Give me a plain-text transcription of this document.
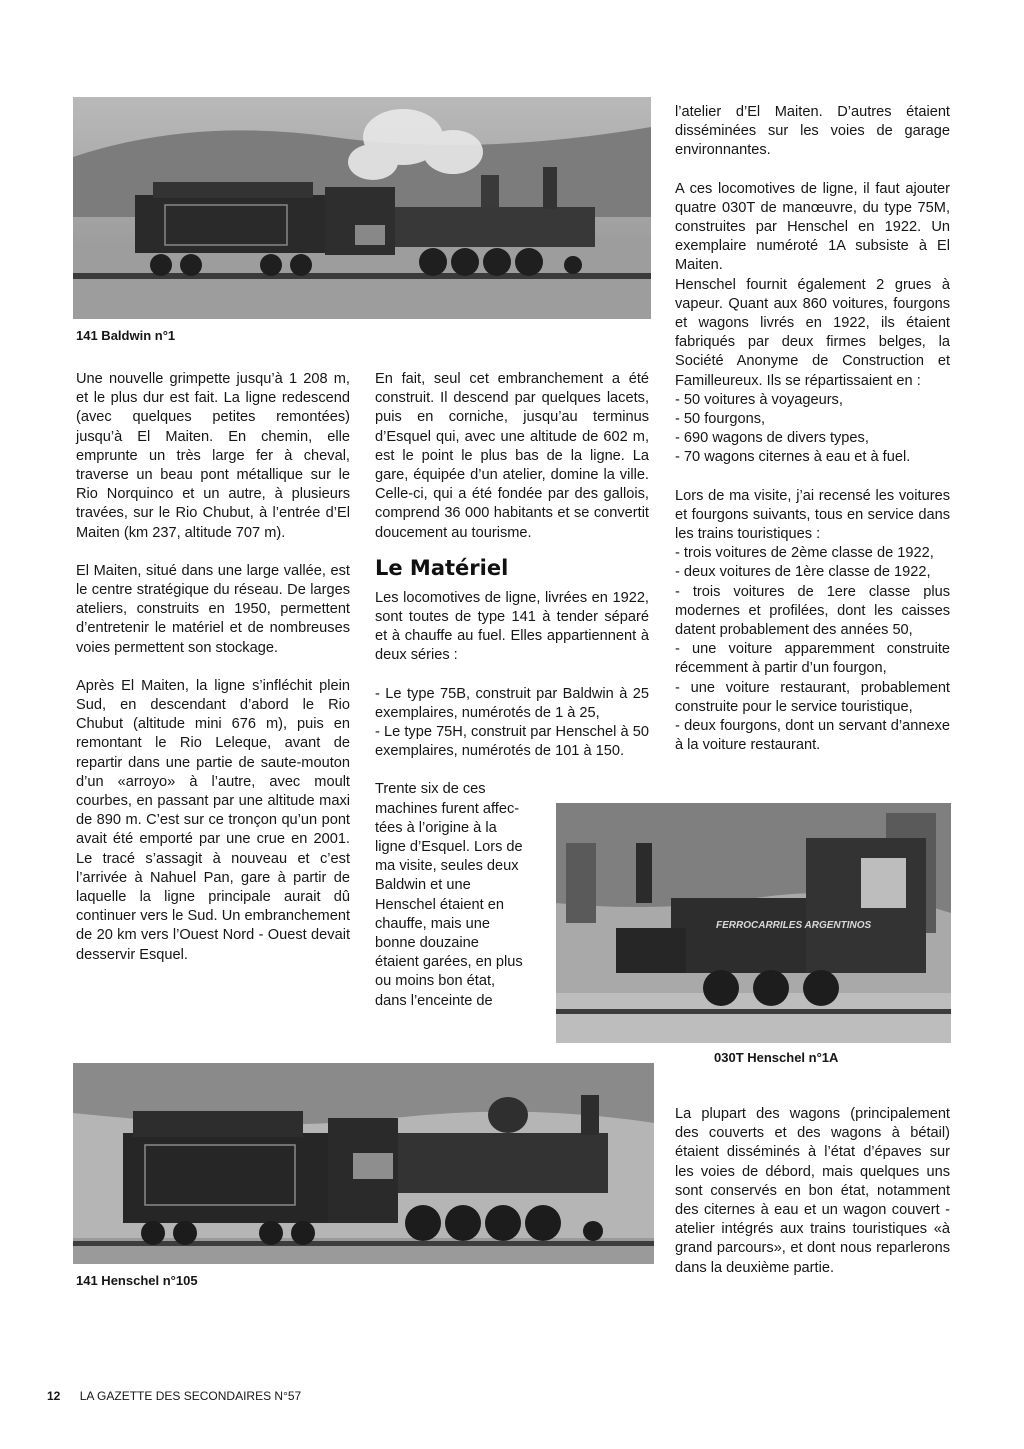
141 Baldwin n°1
FERROCARRILES ARGENTINOS
030T Henschel n°1A
141 Henschel n°105

Une nouvelle grimpette jusqu’à 1 208 m, et le plus dur est fait. La ligne redescend (avec quelques petites remontées) jusqu’à El Maiten. En chemin, elle emprunte un très large fer à cheval, traverse un beau pont métallique sur le Rio Norquinco et un autre, à plusieurs travées, sur le Rio Chubut, à l’entrée d’El Maiten (km 237, altitude 707 m).

El Maiten, situé dans une large vallée, est le centre stratégique du réseau. De larges ateliers, construits en 1950, permettent d’entretenir le matériel et de nombreuses voies permettent son stockage.

Après El Maiten, la ligne s’infléchit plein Sud, en descendant d’abord le Rio Chubut (altitude mini 676 m), puis en remontant le Rio Leleque, avant de repartir dans une partie de saute-mouton d’un «arroyo» à l’autre, avec moult courbes, en passant par une altitude maxi de 890 m. C’est sur ce tronçon qu’un pont avait été emporté par une crue en 2001. Le tracé s’assagit à nouveau et c’est l’arrivée à Nahuel Pan, gare à partir de laquelle la ligne principale aurait dû continuer vers le Sud. Un embranchement de 20 km vers l’Ouest Nord - Ouest devait desservir Esquel.

En fait, seul cet embranchement a été construit. Il descend par quelques lacets, puis en corniche, jusqu’au terminus d’Esquel qui, avec une altitude de 602 m, est le point le plus bas de la ligne. La gare, équipée d’un atelier, domine la ville. Celle-ci, qui a été fondée par des gallois, comprend 36 000 habitants et se convertit doucement au tourisme.

Le Matériel

Les locomotives de ligne, livrées en 1922, sont toutes de type 141 à tender séparé et à chauffe au fuel. Elles appartiennent à deux séries :

- Le type 75B, construit par Baldwin à 25 exemplaires, numérotés de 1 à 25,

- Le type 75H, construit par Henschel à 50 exemplaires, numérotés de 101 à 150.

Trente six de ces
machines furent affec-
tées à l’origine à la
ligne d’Esquel. Lors de
ma visite, seules deux
Baldwin et une
Henschel étaient en
chauffe, mais une
bonne douzaine
étaient garées, en plus
ou moins bon état,
dans l’enceinte de

l’atelier d’El Maiten. D’autres étaient disséminées sur les voies de garage environnantes.

A ces locomotives de ligne, il faut ajouter quatre 030T de manœuvre, du type 75M, construites par Henschel en 1922. Un exemplaire numéroté 1A subsiste à El Maiten.

Henschel fournit également 2 grues à vapeur. Quant aux 860 voitures, fourgons et wagons livrés en 1922, ils étaient fabriqués par deux firmes belges, la Société Anonyme de Construction et Familleureux. Ils se répartissaient en :

- 50 voitures à voyageurs,

- 50 fourgons,

- 690 wagons de divers types,

- 70 wagons citernes à eau et à fuel.

Lors de ma visite, j’ai recensé les voitures et fourgons suivants, tous en service dans les trains touristiques :

- trois voitures de 2ème classe de 1922,

- deux voitures de 1ère classe de 1922,

- trois voitures de 1ere classe plus modernes et profilées, dont les caisses datent probablement des années 50,

- une voiture apparemment construite récemment à partir d’un fourgon,

- une voiture restaurant, probablement construite pour le service touristique,

- deux fourgons, dont un servant d’annexe à la voiture restaurant.

La plupart des wagons (principalement des couverts et des wagons à bétail) étaient disséminés à l’état d’épaves sur les voies de débord, mais quelques uns sont conservés en bon état, notamment des citernes à eau et un wagon couvert - atelier intégrés aux trains touristiques «à grand parcours», et dont nous reparlerons dans la deuxième partie.

12 LA GAZETTE DES SECONDAIRES N°57
